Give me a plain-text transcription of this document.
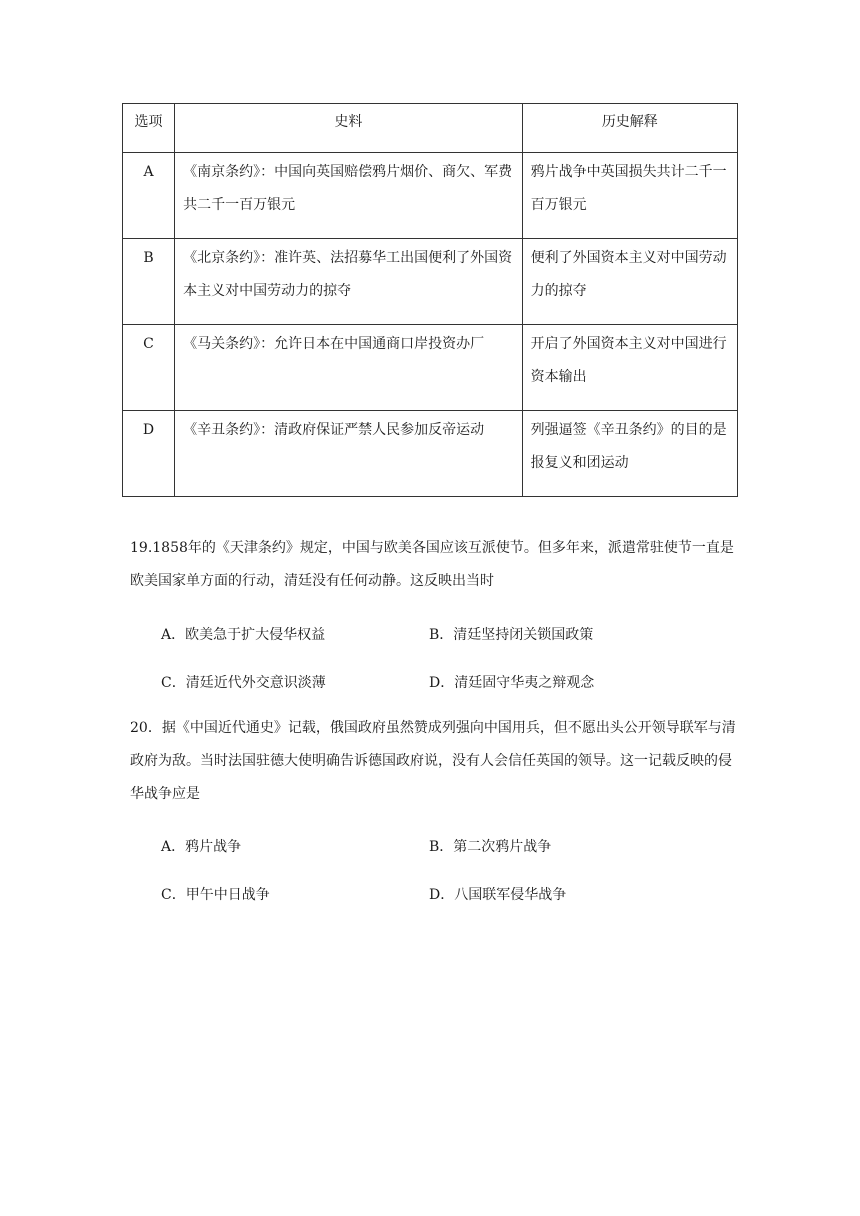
选项	史料	历史解释
A	《南京条约》：中国向英国赔偿鸦片烟价、商欠、军费共二千一百万银元	鸦片战争中英国损失共计二千一百万银元
B	《北京条约》：准许英、法招募华工出国便利了外国资本主义对中国劳动力的掠夺	便利了外国资本主义对中国劳动力的掠夺
C	《马关条约》：允许日本在中国通商口岸投资办厂	开启了外国资本主义对中国进行资本输出
D	《辛丑条约》：清政府保证严禁人民参加反帝运动	列强逼签《辛丑条约》的目的是报复义和团运动
19.1858年的《天津条约》规定，中国与欧美各国应该互派使节。但多年来，派遣常驻使节一直是欧美国家单方面的行动，清廷没有任何动静。这反映出当时
A．欧美急于扩大侵华权益	B．清廷坚持闭关锁国政策
C．清廷近代外交意识淡薄	D．清廷固守华夷之辩观念
20．据《中国近代通史》记载，俄国政府虽然赞成列强向中国用兵，但不愿出头公开领导联军与清政府为敌。当时法国驻德大使明确告诉德国政府说，没有人会信任英国的领导。这一记载反映的侵华战争应是
A．鸦片战争	B．第二次鸦片战争
C．甲午中日战争	D．八国联军侵华战争
